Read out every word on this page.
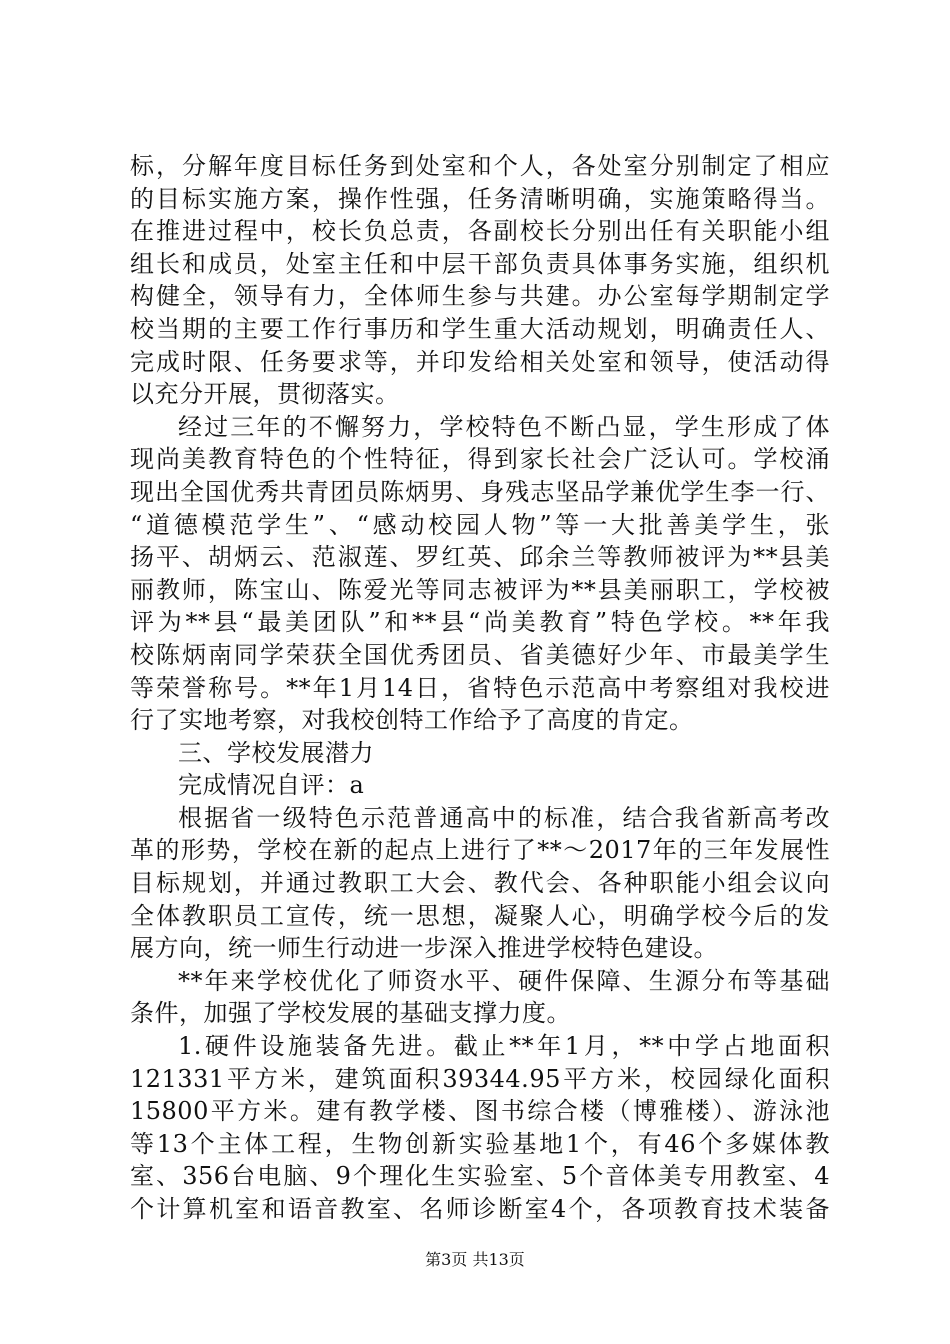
标，分解年度目标任务到处室和个人，各处室分别制定了相应
的目标实施方案，操作性强，任务清晰明确，实施策略得当。
在推进过程中，校长负总责，各副校长分别出任有关职能小组
组长和成员，处室主任和中层干部负责具体事务实施，组织机
构健全，领导有力，全体师生参与共建。办公室每学期制定学
校当期的主要工作行事历和学生重大活动规划，明确责任人、
完成时限、任务要求等，并印发给相关处室和领导，使活动得
以充分开展，贯彻落实。
经过三年的不懈努力，学校特色不断凸显，学生形成了体
现尚美教育特色的个性特征，得到家长社会广泛认可。学校涌
现出全国优秀共青团员陈炳男、身残志坚品学兼优学生李一行、
“道德模范学生”、“感动校园人物”等一大批善美学生，张
扬平、胡炳云、范淑莲、罗红英、邱余兰等教师被评为**县美
丽教师，陈宝山、陈爱光等同志被评为**县美丽职工，学校被
评为**县“最美团队”和**县“尚美教育”特色学校。**年我
校陈炳南同学荣获全国优秀团员、省美德好少年、市最美学生
等荣誉称号。**年1月14日，省特色示范高中考察组对我校进
行了实地考察，对我校创特工作给予了高度的肯定。
三、学校发展潜力
完成情况自评：a
根据省一级特色示范普通高中的标准，结合我省新高考改
革的形势，学校在新的起点上进行了**～2017年的三年发展性
目标规划，并通过教职工大会、教代会、各种职能小组会议向
全体教职员工宣传，统一思想，凝聚人心，明确学校今后的发
展方向，统一师生行动进一步深入推进学校特色建设。
**年来学校优化了师资水平、硬件保障、生源分布等基础
条件，加强了学校发展的基础支撑力度。
1.硬件设施装备先进。截止**年1月，**中学占地面积
121331平方米，建筑面积39344.95平方米，校园绿化面积
15800平方米。建有教学楼、图书综合楼（博雅楼）、游泳池
等13个主体工程，生物创新实验基地1个，有46个多媒体教
室、356台电脑、9个理化生实验室、5个音体美专用教室、4
个计算机室和语音教室、名师诊断室4个，各项教育技术装备
第3页 共13页
